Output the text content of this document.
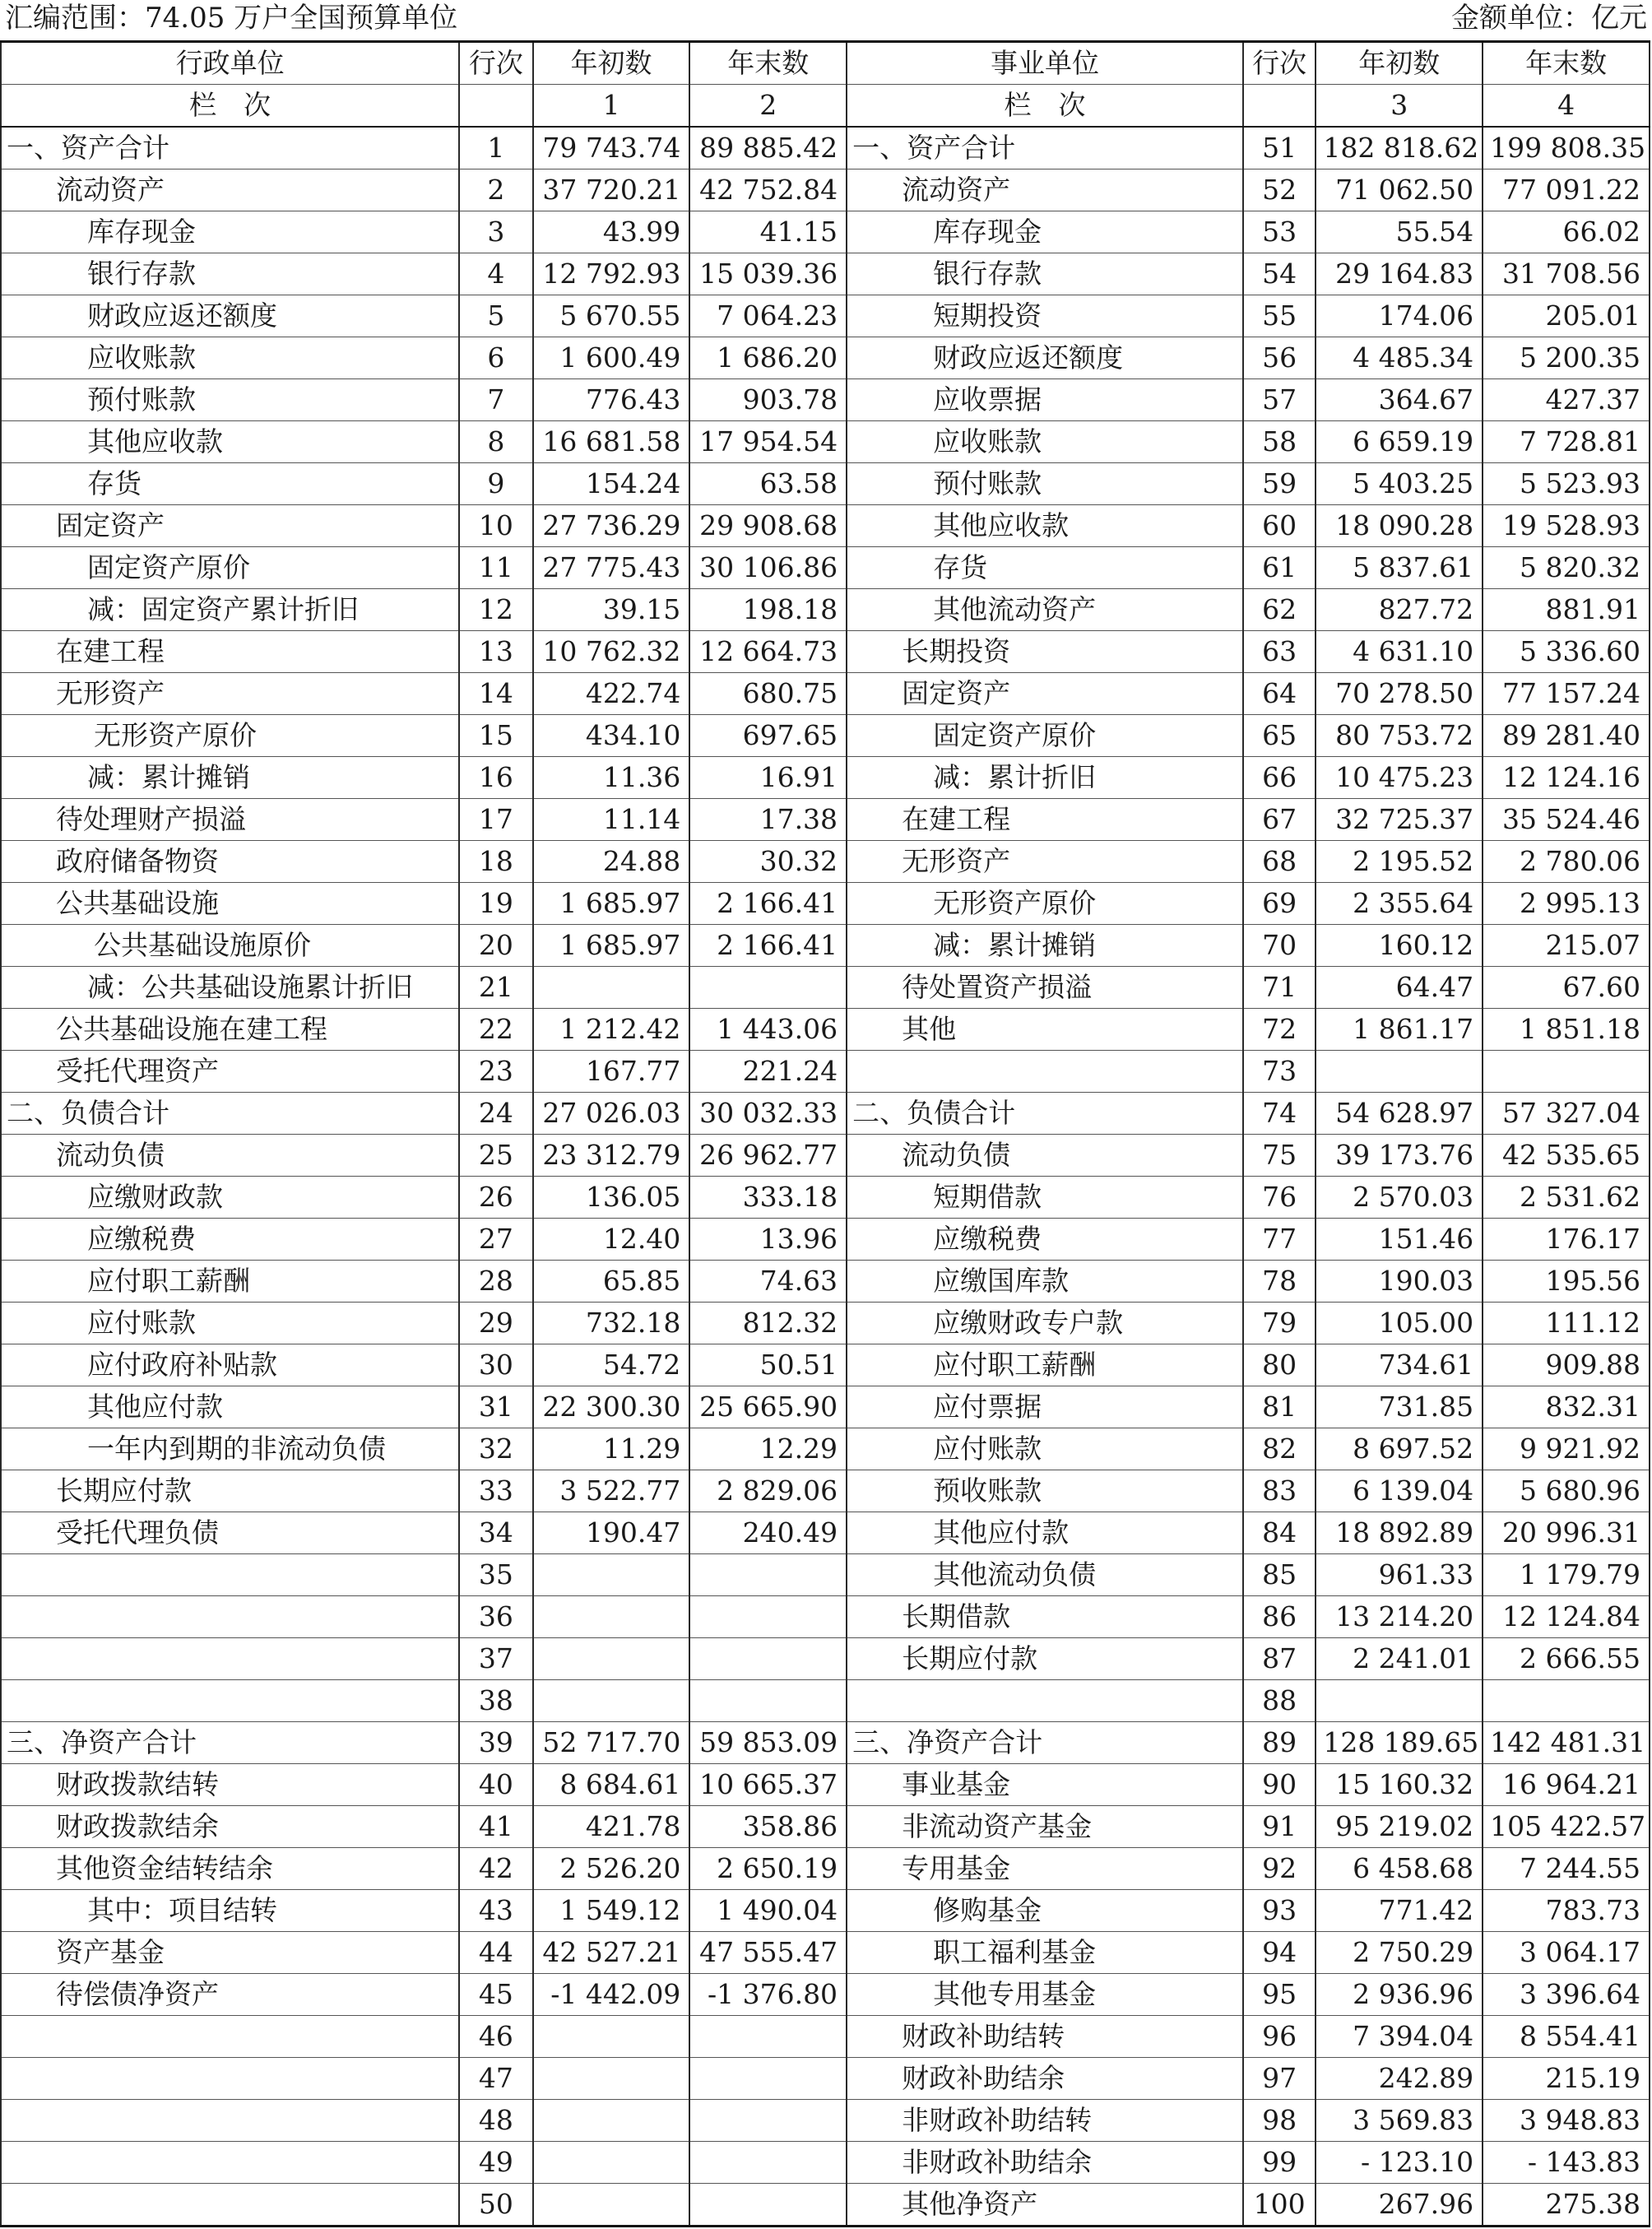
汇编范围：74.05 万户全国预算单位	金额单位：亿元
行政单位	行次	年初数	年末数	事业单位	行次	年初数	年末数
栏　次		1	2	栏　次		3	4
一、资产合计	1	79 743.74	89 885.42	一、资产合计	51	182 818.62	199 808.35
流动资产	2	37 720.21	42 752.84	流动资产	52	71 062.50	77 091.22
库存现金	3	43.99	41.15	库存现金	53	55.54	66.02
银行存款	4	12 792.93	15 039.36	银行存款	54	29 164.83	31 708.56
财政应返还额度	5	5 670.55	7 064.23	短期投资	55	174.06	205.01
应收账款	6	1 600.49	1 686.20	财政应返还额度	56	4 485.34	5 200.35
预付账款	7	776.43	903.78	应收票据	57	364.67	427.37
其他应收款	8	16 681.58	17 954.54	应收账款	58	6 659.19	7 728.81
存货	9	154.24	63.58	预付账款	59	5 403.25	5 523.93
固定资产	10	27 736.29	29 908.68	其他应收款	60	18 090.28	19 528.93
固定资产原价	11	27 775.43	30 106.86	存货	61	5 837.61	5 820.32
减：固定资产累计折旧	12	39.15	198.18	其他流动资产	62	827.72	881.91
在建工程	13	10 762.32	12 664.73	长期投资	63	4 631.10	5 336.60
无形资产	14	422.74	680.75	固定资产	64	70 278.50	77 157.24
无形资产原价	15	434.10	697.65	固定资产原价	65	80 753.72	89 281.40
减：累计摊销	16	11.36	16.91	减：累计折旧	66	10 475.23	12 124.16
待处理财产损溢	17	11.14	17.38	在建工程	67	32 725.37	35 524.46
政府储备物资	18	24.88	30.32	无形资产	68	2 195.52	2 780.06
公共基础设施	19	1 685.97	2 166.41	无形资产原价	69	2 355.64	2 995.13
公共基础设施原价	20	1 685.97	2 166.41	减：累计摊销	70	160.12	215.07
减：公共基础设施累计折旧	21			待处置资产损溢	71	64.47	67.60
公共基础设施在建工程	22	1 212.42	1 443.06	其他	72	1 861.17	1 851.18
受托代理资产	23	167.77	221.24		73		
二、负债合计	24	27 026.03	30 032.33	二、负债合计	74	54 628.97	57 327.04
流动负债	25	23 312.79	26 962.77	流动负债	75	39 173.76	42 535.65
应缴财政款	26	136.05	333.18	短期借款	76	2 570.03	2 531.62
应缴税费	27	12.40	13.96	应缴税费	77	151.46	176.17
应付职工薪酬	28	65.85	74.63	应缴国库款	78	190.03	195.56
应付账款	29	732.18	812.32	应缴财政专户款	79	105.00	111.12
应付政府补贴款	30	54.72	50.51	应付职工薪酬	80	734.61	909.88
其他应付款	31	22 300.30	25 665.90	应付票据	81	731.85	832.31
一年内到期的非流动负债	32	11.29	12.29	应付账款	82	8 697.52	9 921.92
长期应付款	33	3 522.77	2 829.06	预收账款	83	6 139.04	5 680.96
受托代理负债	34	190.47	240.49	其他应付款	84	18 892.89	20 996.31
	35			其他流动负债	85	961.33	1 179.79
	36			长期借款	86	13 214.20	12 124.84
	37			长期应付款	87	2 241.01	2 666.55
	38				88		
三、净资产合计	39	52 717.70	59 853.09	三、净资产合计	89	128 189.65	142 481.31
财政拨款结转	40	8 684.61	10 665.37	事业基金	90	15 160.32	16 964.21
财政拨款结余	41	421.78	358.86	非流动资产基金	91	95 219.02	105 422.57
其他资金结转结余	42	2 526.20	2 650.19	专用基金	92	6 458.68	7 244.55
其中：项目结转	43	1 549.12	1 490.04	修购基金	93	771.42	783.73
资产基金	44	42 527.21	47 555.47	职工福利基金	94	2 750.29	3 064.17
待偿债净资产	45	-1 442.09	-1 376.80	其他专用基金	95	2 936.96	3 396.64
	46			财政补助结转	96	7 394.04	8 554.41
	47			财政补助结余	97	242.89	215.19
	48			非财政补助结转	98	3 569.83	3 948.83
	49			非财政补助结余	99	- 123.10	- 143.83
	50			其他净资产	100	267.96	275.38
